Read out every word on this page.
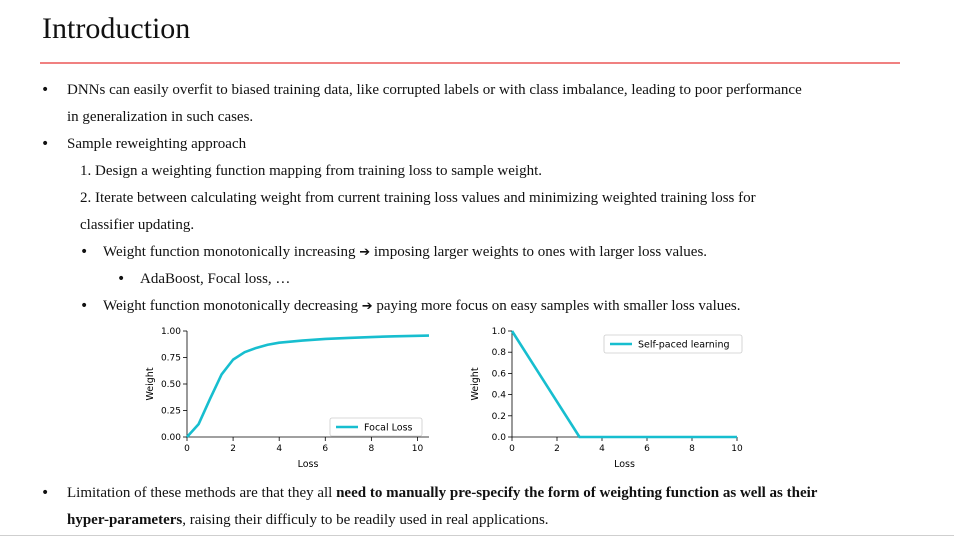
Introduction
• DNNs can easily overfit to biased training data, like corrupted labels or with class imbalance, leading to poor performance
in generalization in such cases.
• Sample reweighting approach
1. Design a weighting function mapping from training loss to sample weight.
2. Iterate between calculating weight from current training loss values and minimizing weighted training loss for
classifier updating.
• Weight function monotonically increasing ➔ imposing larger weights to ones with larger loss values.
• AdaBoost, Focal loss, …
• Weight function monotonically decreasing ➔ paying more focus on easy samples with smaller loss values.
0	2	4	6	8	10
0.00
0.25
0.50
0.75
1.00
Loss
Weight
Focal Loss
0	2	4	6	8	10
0.0
0.2
0.4
0.6
0.8
1.0
Loss
Weight
Self-paced learning
• Limitation of these methods are that they all need to manually pre-specify the form of weighting function as well as their
hyper-parameters, raising their difficuly to be readily used in real applications.
